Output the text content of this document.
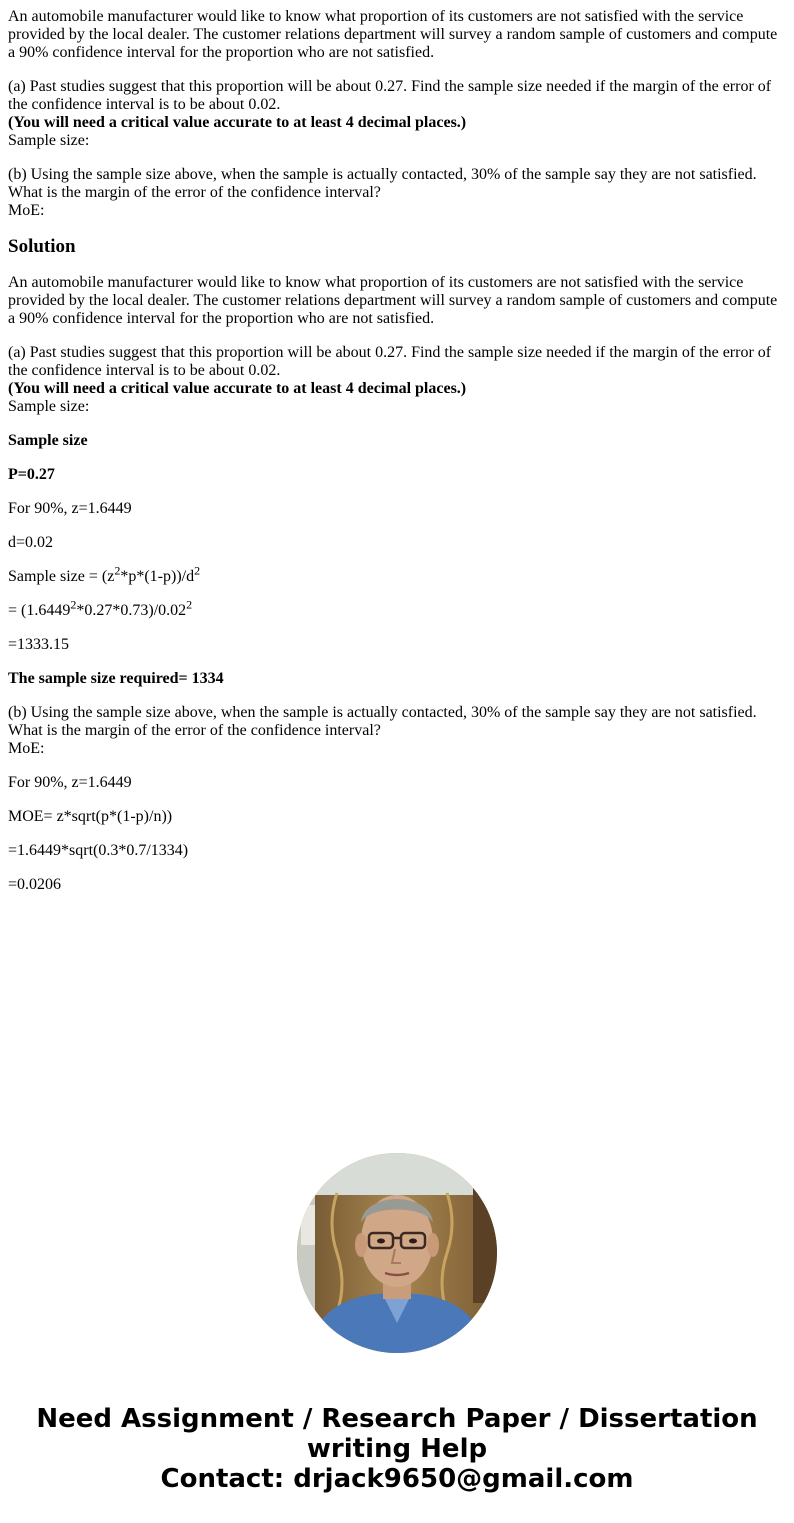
An automobile manufacturer would like to know what proportion of its customers are not satisfied with the service provided by the local dealer. The customer relations department will survey a random sample of customers and compute a 90% confidence interval for the proportion who are not satisfied.

(a) Past studies suggest that this proportion will be about 0.27. Find the sample size needed if the margin of the error of the confidence interval is to be about 0.02.
(You will need a critical value accurate to at least 4 decimal places.)
Sample size:

(b) Using the sample size above, when the sample is actually contacted, 30% of the sample say they are not satisfied. What is the margin of the error of the confidence interval?
MoE:

Solution

An automobile manufacturer would like to know what proportion of its customers are not satisfied with the service provided by the local dealer. The customer relations department will survey a random sample of customers and compute a 90% confidence interval for the proportion who are not satisfied.

(a) Past studies suggest that this proportion will be about 0.27. Find the sample size needed if the margin of the error of the confidence interval is to be about 0.02.
(You will need a critical value accurate to at least 4 decimal places.)
Sample size:

Sample size

P=0.27

For 90%, z=1.6449

d=0.02

Sample size = $(z^2*p*(1-p))/d^2$

= $(1.6449^2*0.27*0.73)/0.02^2$

=1333.15

The sample size required= 1334

(b) Using the sample size above, when the sample is actually contacted, 30% of the sample say they are not satisfied. What is the margin of the error of the confidence interval?
MoE:

For 90%, z=1.6449

MOE= z*sqrt(p*(1-p)/n))

=1.6449*sqrt(0.3*0.7/1334)

=0.0206

Need Assignment / Research Paper / Dissertation
writing Help
Contact: drjack9650@gmail.com
